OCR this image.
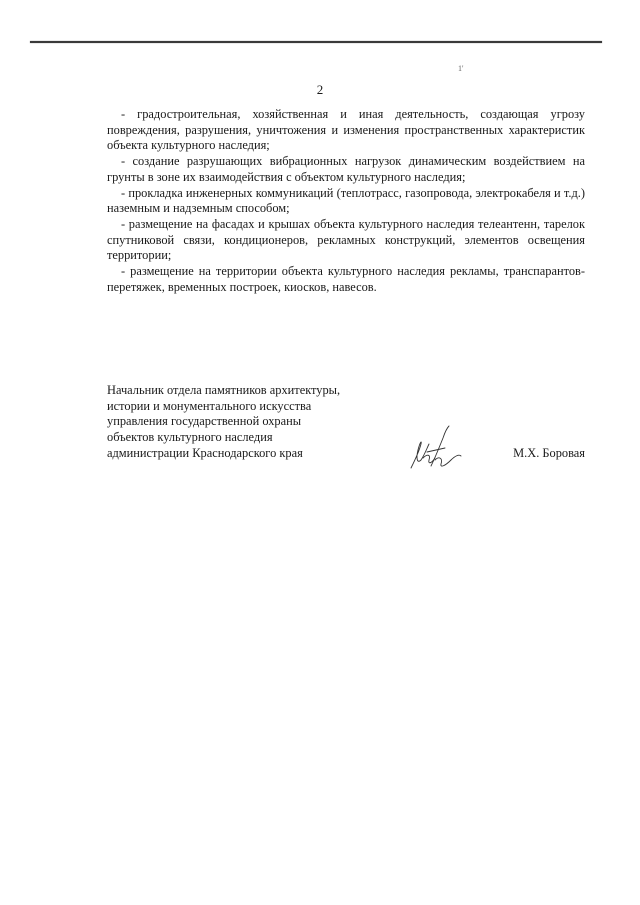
1'
2

- градостроительная, хозяйственная и иная деятельность, создающая угрозу повреждения, разрушения, уничтожения и изменения пространственных характеристик объекта культурного наследия;

- создание разрушающих вибрационных нагрузок динамическим воздействием на грунты в зоне их взаимодействия с объектом культурного наследия;

- прокладка инженерных коммуникаций (теплотрасс, газопровода, электрокабеля и т.д.) наземным и надземным способом;

- размещение на фасадах и крышах объекта культурного наследия телеантенн, тарелок спутниковой связи, кондиционеров, рекламных конструкций, элементов освещения территории;

- размещение на территории объекта культурного наследия рекламы, транспарантов-перетяжек, временных построек, киосков, навесов.

Начальник отдела памятников архитектуры,
истории и монументального искусства
управления государственной охраны
объектов культурного наследия
администрации Краснодарского края	М.Х. Боровая
